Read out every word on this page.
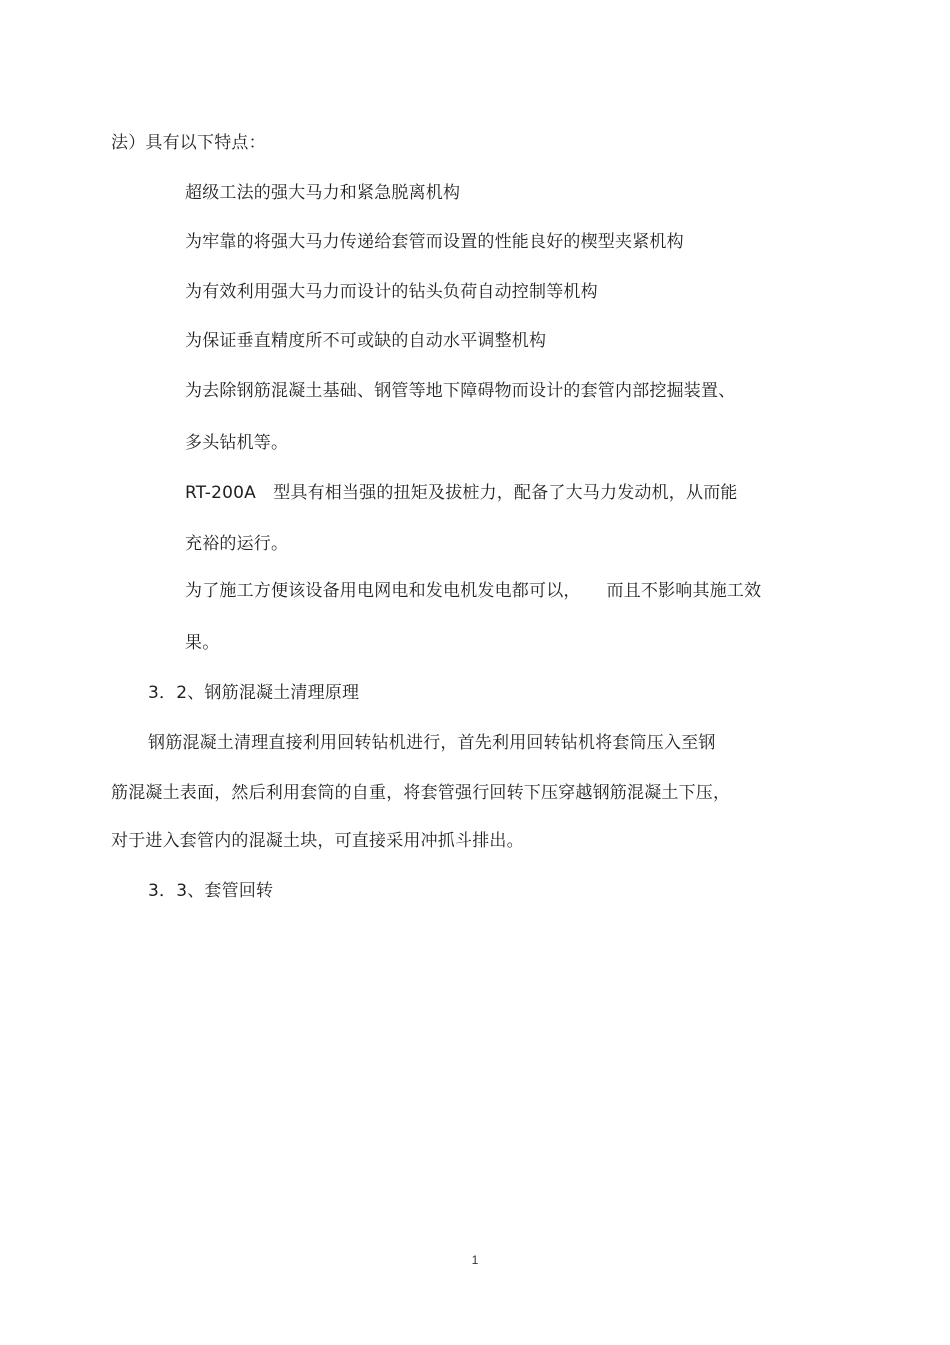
法）具有以下特点：
超级工法的强大马力和紧急脱离机构
为牢靠的将强大马力传递给套管而设置的性能良好的楔型夹紧机构
为有效利用强大马力而设计的钻头负荷自动控制等机构
为保证垂直精度所不可或缺的自动水平调整机构
为去除钢筋混凝土基础、钢管等地下障碍物而设计的套管内部挖掘装置、
多头钻机等。
RT-200A　型具有相当强的扭矩及拔桩力，配备了大马力发动机，从而能
充裕的运行。
为了施工方便该设备用电网电和发电机发电都可以，　　而且不影响其施工效
果。
3．2、钢筋混凝土清理原理
钢筋混凝土清理直接利用回转钻机进行，首先利用回转钻机将套筒压入至钢
筋混凝土表面，然后利用套筒的自重，将套管强行回转下压穿越钢筋混凝土下压，
对于进入套管内的混凝土块，可直接采用冲抓斗排出。
3．3、套管回转
1
